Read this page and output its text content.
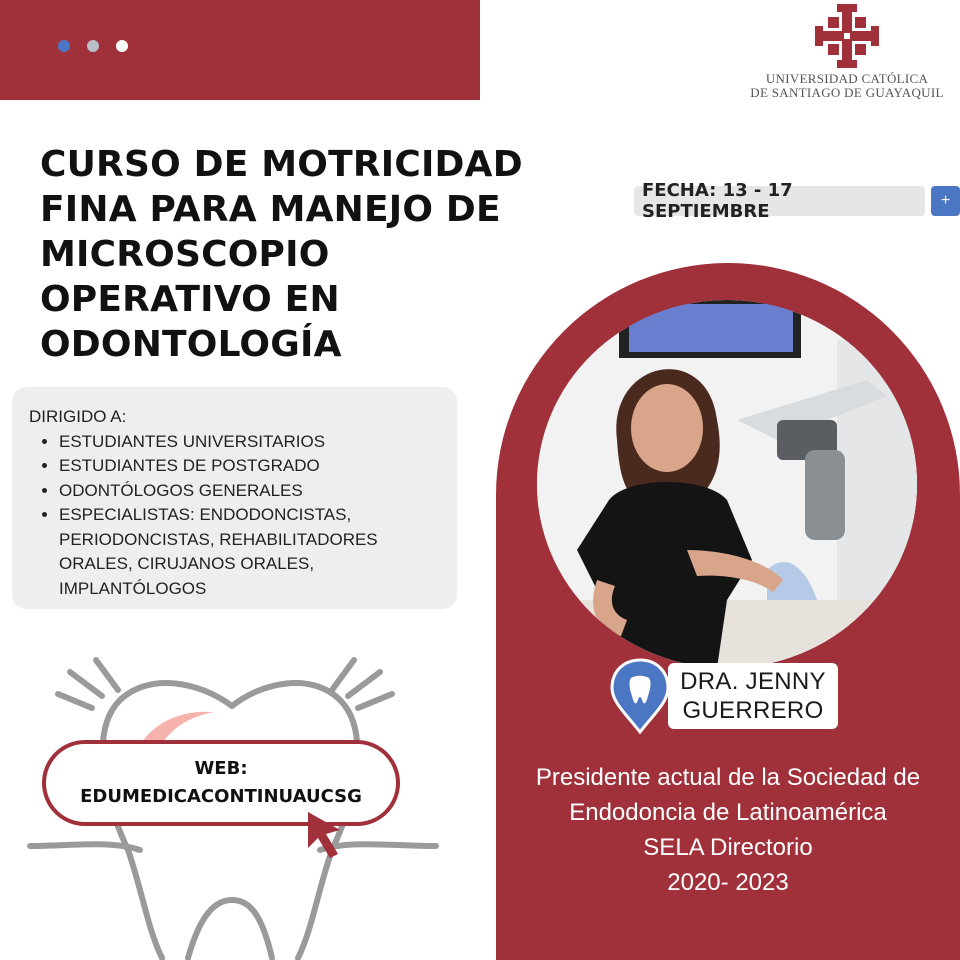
UNIVERSIDAD CATÓLICA
DE SANTIAGO DE GUAYAQUIL
CURSO DE MOTRICIDAD
FINA PARA MANEJO DE
MICROSCOPIO
OPERATIVO EN
ODONTOLOGÍA
FECHA: 13 - 17 SEPTIEMBRE
+
DIRIGIDO A:
• ESTUDIANTES UNIVERSITARIOS
• ESTUDIANTES DE POSTGRADO
• ODONTÓLOGOS GENERALES
• ESPECIALISTAS: ENDODONCISTAS, PERIODONCISTAS, REHABILITADORES ORALES, CIRUJANOS ORALES, IMPLANTÓLOGOS
WEB:
EDUMEDICACONTINUAUCSG
DRA. JENNY
GUERRERO
Presidente actual de la Sociedad de
Endodoncia de Latinoamérica
SELA Directorio
2020- 2023
